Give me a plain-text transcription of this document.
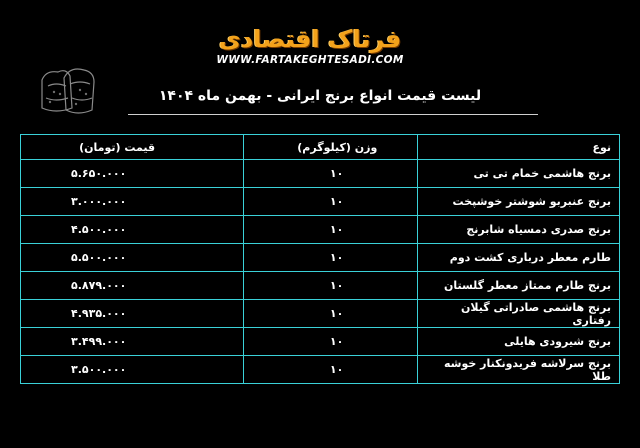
فرتاک اقتصادی
WWW.FARTAKEGHTESADI.COM
لیست قیمت انواع برنج ایرانی - بهمن ماه ۱۴۰۴
نوع	وزن (کیلوگرم)	قیمت (تومان)
برنج هاشمی خمام تی تی	۱۰	۵.۶۵۰.۰۰۰
برنج عنبربو شوشتر خوشپخت	۱۰	۳.۰۰۰.۰۰۰
برنج صدری دمسیاه شابرنج	۱۰	۴.۵۰۰.۰۰۰
طارم معطر درباری کشت دوم	۱۰	۵.۵۰۰.۰۰۰
برنج طارم ممتاز معطر گلستان	۱۰	۵.۸۷۹.۰۰۰
برنج هاشمی صادراتی گیلان رفتاری	۱۰	۴.۹۳۵.۰۰۰
برنج شیرودی هایلی	۱۰	۳.۴۹۹.۰۰۰
برنج سرلاشه فریدونکنار خوشه طلا	۱۰	۳.۵۰۰.۰۰۰
